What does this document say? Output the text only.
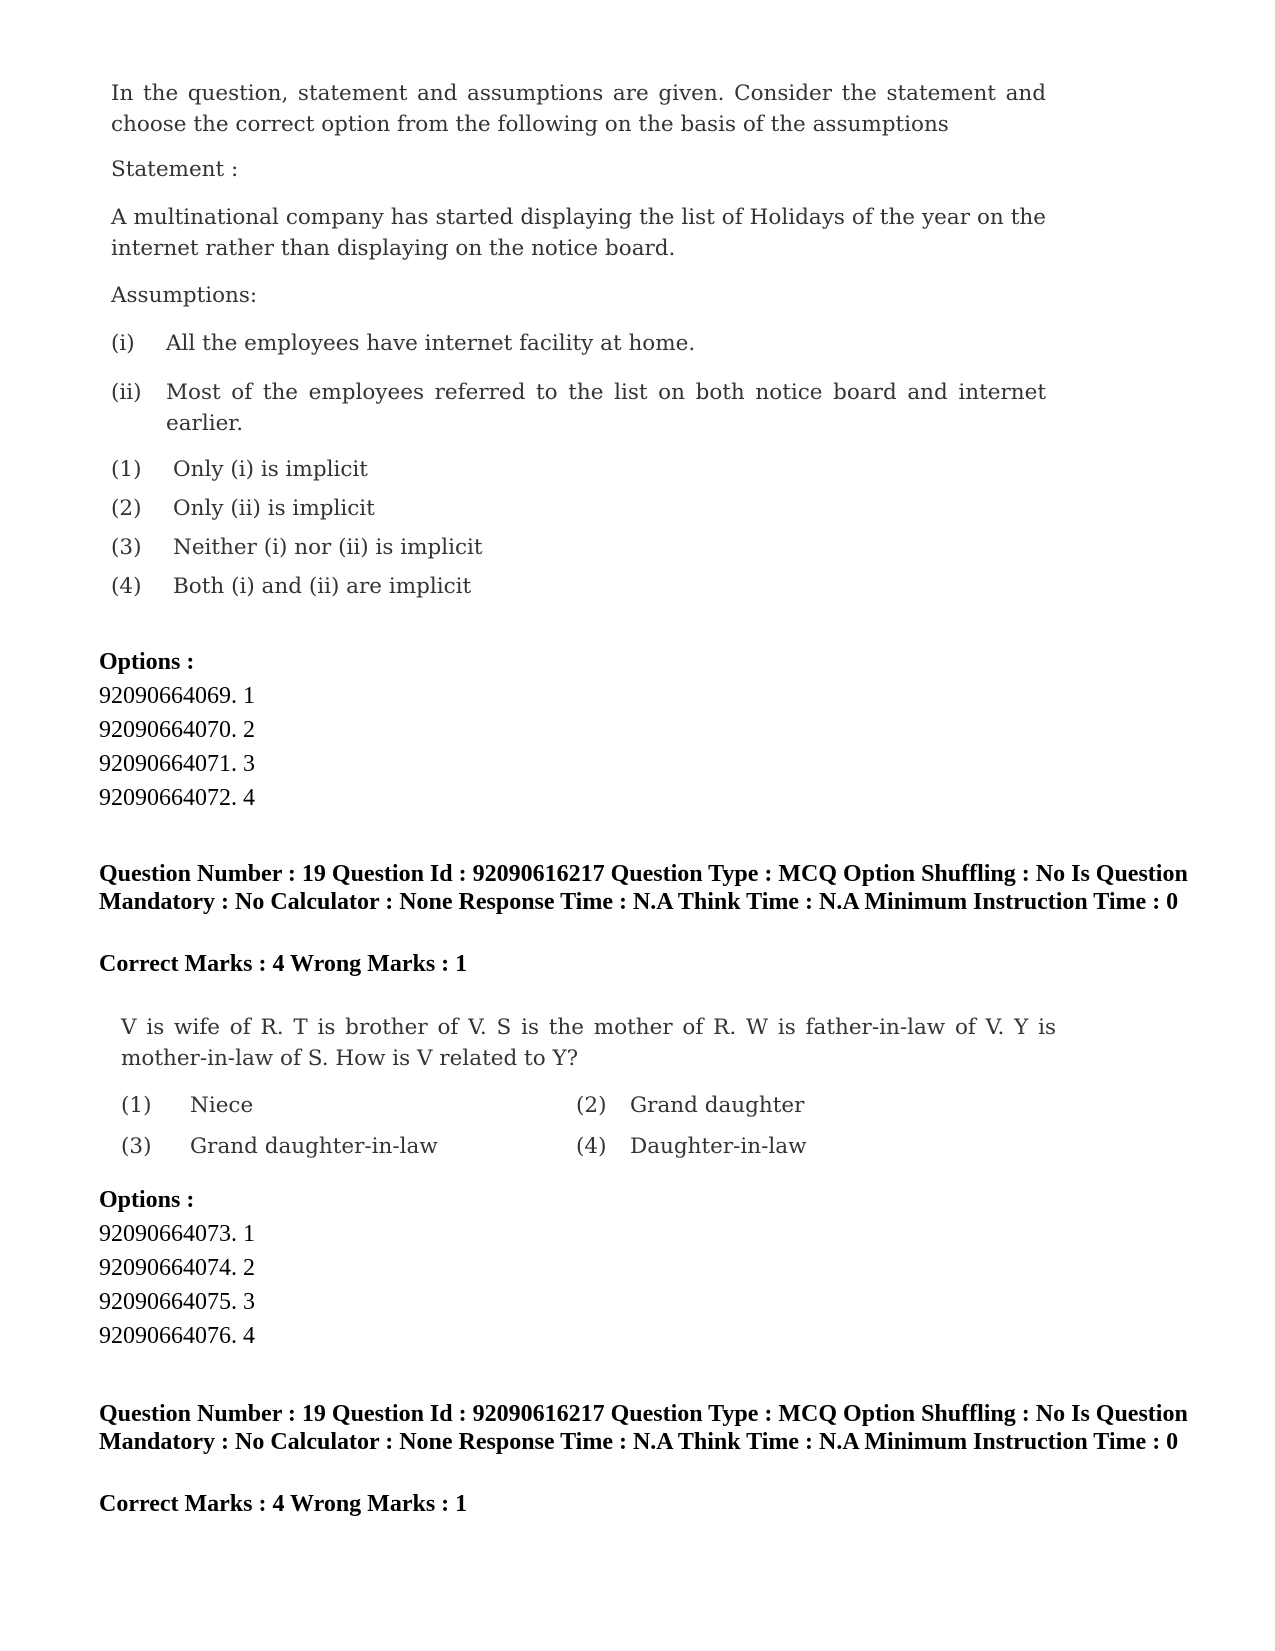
In the question, statement and assumptions are given. Consider the statement and choose the correct option from the following on the basis of the assumptions

Statement :

A multinational company has started displaying the list of Holidays of the year on the internet rather than displaying on the notice board.

Assumptions:

(i) All the employees have internet facility at home.
(ii) Most of the employees referred to the list on both notice board and internet earlier.
(1) Only (i) is implicit
(2) Only (ii) is implicit
(3) Neither (i) nor (ii) is implicit
(4) Both (i) and (ii) are implicit
Options :
92090664069. 1
92090664070. 2
92090664071. 3
92090664072. 4
Question Number : 19 Question Id : 92090616217 Question Type : MCQ Option Shuffling : No Is Question Mandatory : No Calculator : None Response Time : N.A Think Time : N.A Minimum Instruction Time : 0
Correct Marks : 4 Wrong Marks : 1

V is wife of R. T is brother of V. S is the mother of R. W is father-in-law of V. Y is mother-in-law of S. How is V related to Y?

(1) Niece	(2) Grand daughter
(3) Grand daughter-in-law	(4) Daughter-in-law
Options :
92090664073. 1
92090664074. 2
92090664075. 3
92090664076. 4
Question Number : 19 Question Id : 92090616217 Question Type : MCQ Option Shuffling : No Is Question Mandatory : No Calculator : None Response Time : N.A Think Time : N.A Minimum Instruction Time : 0
Correct Marks : 4 Wrong Marks : 1
